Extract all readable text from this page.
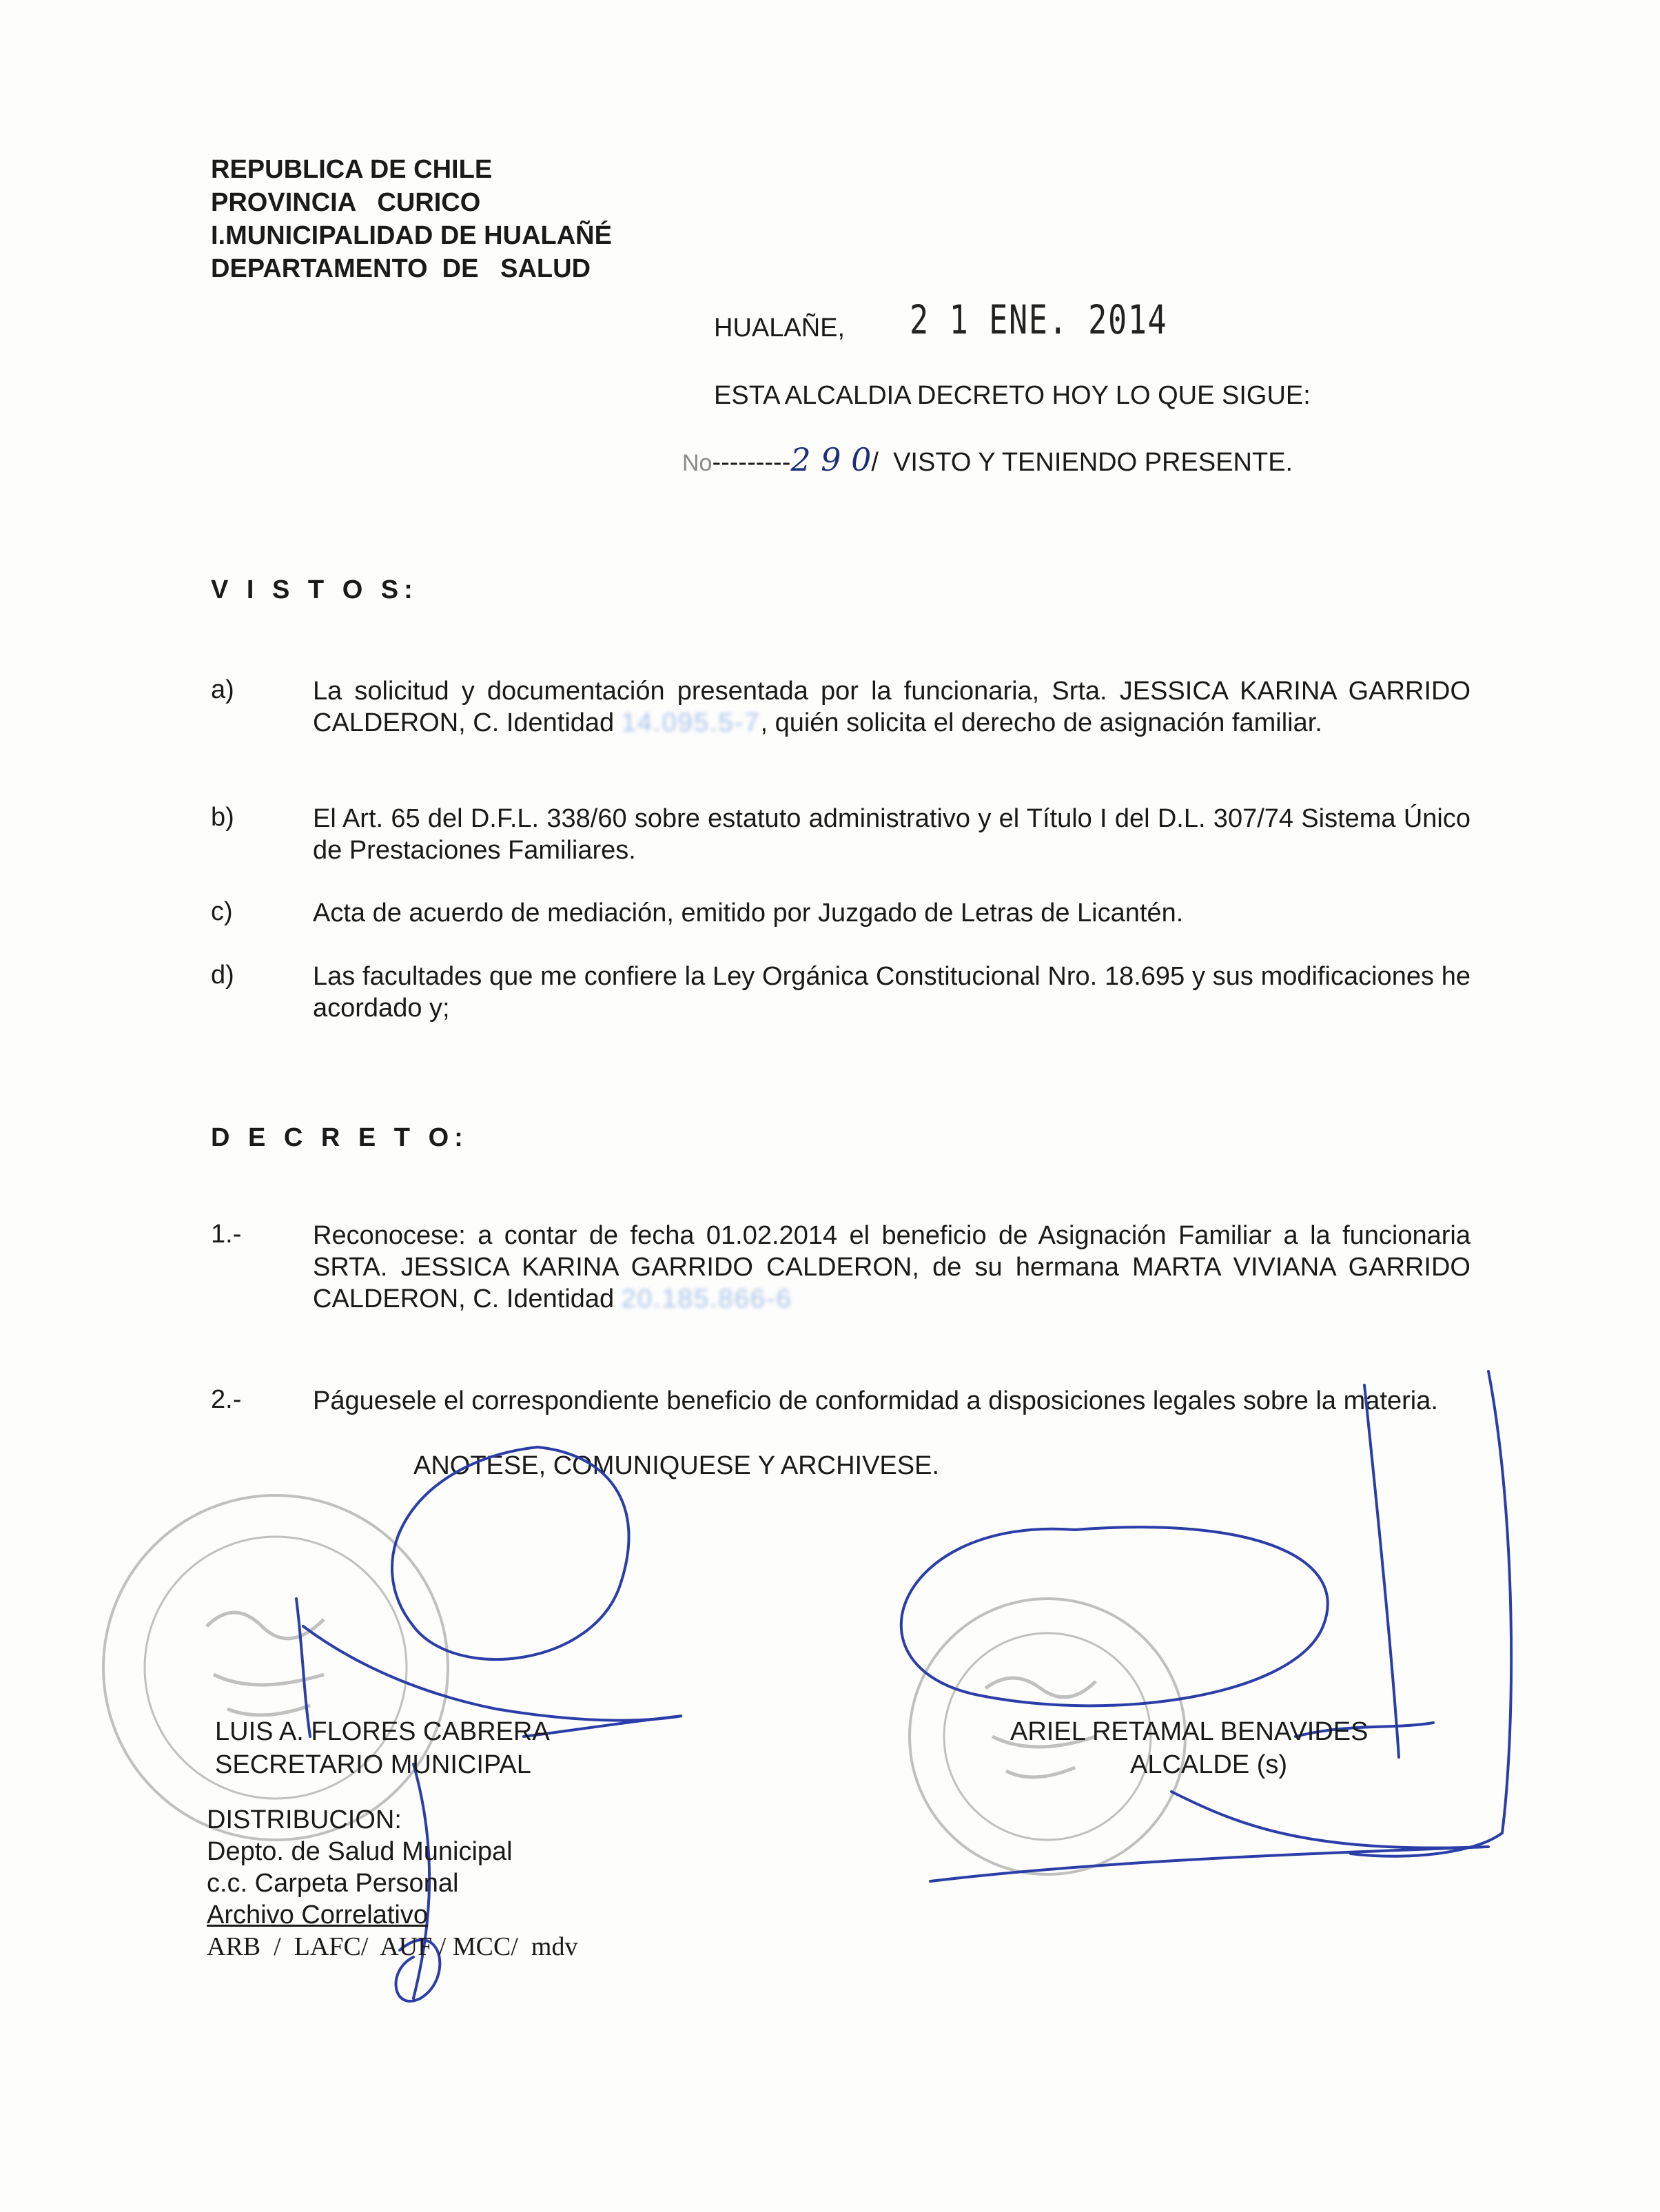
REPUBLICA DE CHILE
PROVINCIA   CURICO
I.MUNICIPALIDAD DE HUALAÑÉ
DEPARTAMENTO  DE   SALUD
HUALAÑE, 2 1 ENE. 2014
ESTA ALCALDIA DECRETO HOY LO QUE SIGUE:
No---------2 9 0/  VISTO Y TENIENDO PRESENTE.
V I S T O S:
a)	La solicitud y documentación presentada por la funcionaria, Srta. JESSICA KARINA GARRIDO CALDERON, C. Identidad 14.095.5-7, quién solicita el derecho de asignación familiar.
b)	El Art. 65 del D.F.L. 338/60 sobre estatuto administrativo y el Título I del D.L. 307/74 Sistema Único de Prestaciones Familiares.
c)	Acta de acuerdo de mediación, emitido por Juzgado de Letras de Licantén.
d)	Las facultades que me confiere la Ley Orgánica Constitucional Nro. 18.695 y sus modificaciones he acordado y;
D E C R E T O:
1.-	Reconocese: a contar de fecha 01.02.2014 el beneficio de Asignación Familiar a la funcionaria SRTA. JESSICA KARINA GARRIDO CALDERON, de su hermana MARTA VIVIANA GARRIDO CALDERON, C. Identidad 20.185.866-6
2.-	Páguesele el correspondiente beneficio de conformidad a disposiciones legales sobre la materia.
ANOTESE, COMUNIQUESE Y ARCHIVESE.
LUIS A. FLORES CABRERA
SECRETARIO MUNICIPAL
ARIEL RETAMAL BENAVIDES
ALCALDE (s)
DISTRIBUCION:
Depto. de Salud Municipal
c.c. Carpeta Personal
Archivo Correlativo
ARB  /  LAFC/  AUF / MCC/  mdv
